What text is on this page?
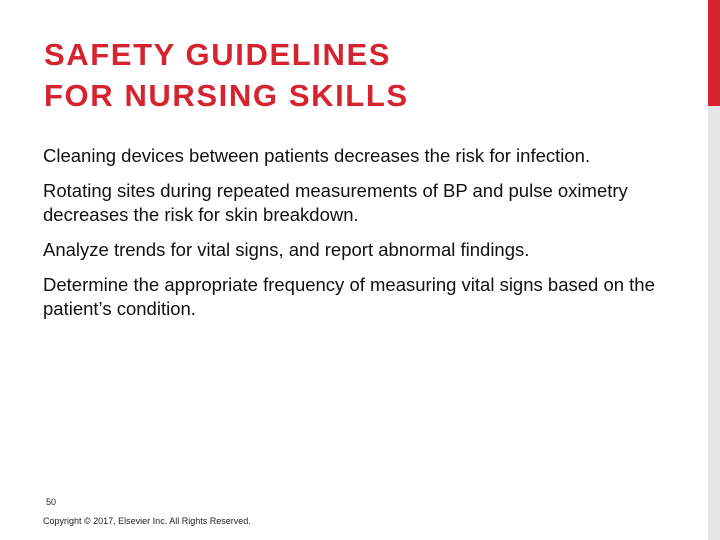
SAFETY GUIDELINES
FOR NURSING SKILLS
Cleaning devices between patients decreases the risk for infection.
Rotating sites during repeated measurements of BP and pulse oximetry decreases the risk for skin breakdown.
Analyze trends for vital signs, and report abnormal findings.
Determine the appropriate frequency of measuring vital signs based on the patient’s condition.
50
Copyright © 2017, Elsevier Inc. All Rights Reserved.
